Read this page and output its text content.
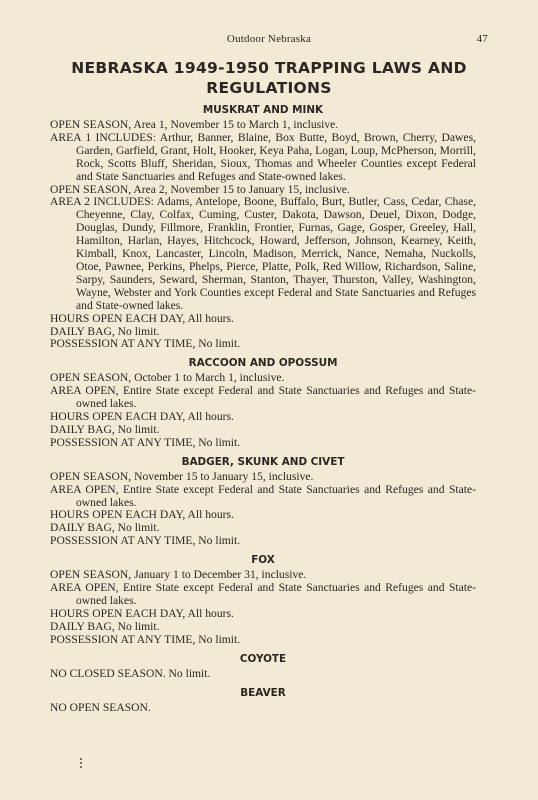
Outdoor Nebraska	47
NEBRASKA 1949-1950 TRAPPING LAWS AND REGULATIONS
MUSKRAT AND MINK
OPEN SEASON, Area 1, November 15 to March 1, inclusive.
AREA 1 INCLUDES: Arthur, Banner, Blaine, Box Butte, Boyd, Brown, Cherry, Dawes, Garden, Garfield, Grant, Holt, Hooker, Keya Paha, Logan, Loup, McPherson, Morrill, Rock, Scotts Bluff, Sheridan, Sioux, Thomas and Wheeler Counties except Federal and State Sanctuaries and Refuges and State-owned lakes.
OPEN SEASON, Area 2, November 15 to January 15, inclusive.
AREA 2 INCLUDES: Adams, Antelope, Boone, Buffalo, Burt, Butler, Cass, Cedar, Chase, Cheyenne, Clay, Colfax, Cuming, Custer, Dakota, Dawson, Deuel, Dixon, Dodge, Douglas, Dundy, Fillmore, Franklin, Frontier, Furnas, Gage, Gosper, Greeley, Hall, Hamilton, Harlan, Hayes, Hitchcock, Howard, Jefferson, Johnson, Kearney, Keith, Kimball, Knox, Lancaster, Lincoln, Madison, Merrick, Nance, Nemaha, Nuckolls, Otoe, Pawnee, Perkins, Phelps, Pierce, Platte, Polk, Red Willow, Richardson, Saline, Sarpy, Saunders, Seward, Sherman, Stanton, Thayer, Thurston, Valley, Washington, Wayne, Webster and York Counties except Federal and State Sanctuaries and Refuges and State-owned lakes.
HOURS OPEN EACH DAY, All hours.
DAILY BAG, No limit.
POSSESSION AT ANY TIME, No limit.
RACCOON AND OPOSSUM
OPEN SEASON, October 1 to March 1, inclusive.
AREA OPEN, Entire State except Federal and State Sanctuaries and Refuges and State-owned lakes.
HOURS OPEN EACH DAY, All hours.
DAILY BAG, No limit.
POSSESSION AT ANY TIME, No limit.
BADGER, SKUNK AND CIVET
OPEN SEASON, November 15 to January 15, inclusive.
AREA OPEN, Entire State except Federal and State Sanctuaries and Refuges and State-owned lakes.
HOURS OPEN EACH DAY, All hours.
DAILY BAG, No limit.
POSSESSION AT ANY TIME, No limit.
FOX
OPEN SEASON, January 1 to December 31, inclusive.
AREA OPEN, Entire State except Federal and State Sanctuaries and Refuges and State-owned lakes.
HOURS OPEN EACH DAY, All hours.
DAILY BAG, No limit.
POSSESSION AT ANY TIME, No limit.
COYOTE
NO CLOSED SEASON. No limit.
BEAVER
NO OPEN SEASON.
